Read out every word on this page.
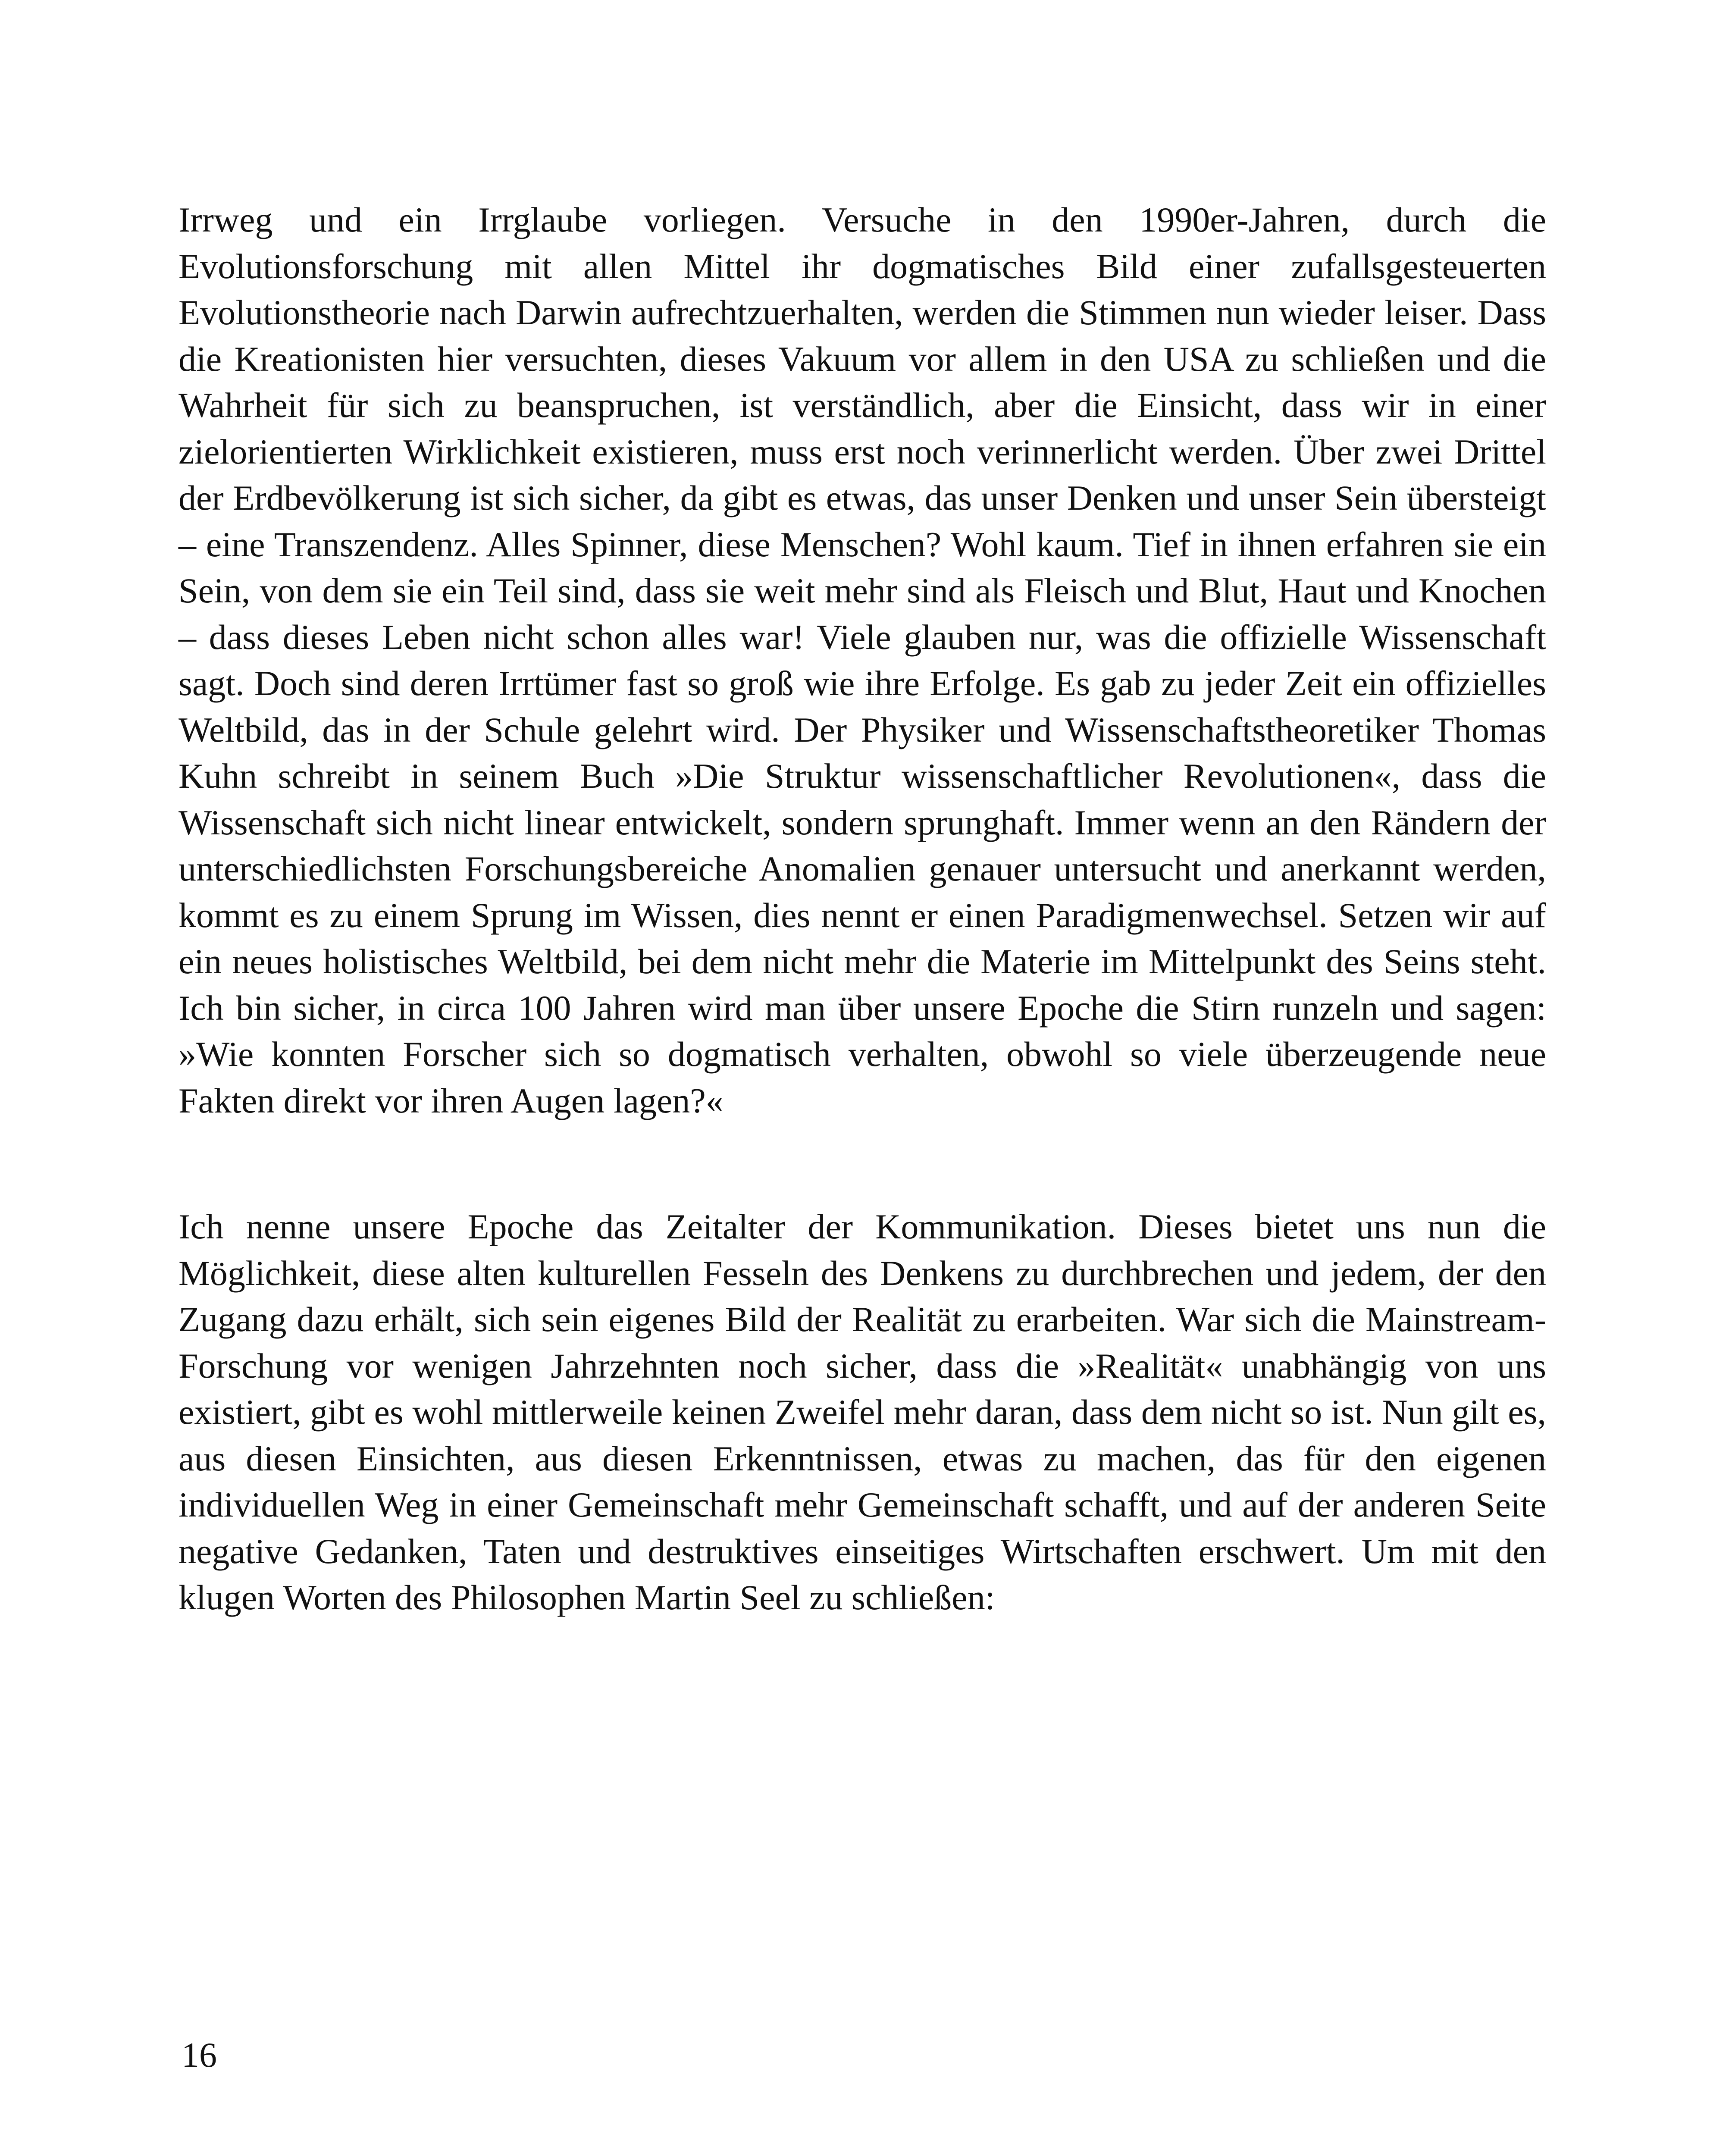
Irrweg und ein Irrglaube vorliegen. Versuche in den 1990er-Jahren, durch die Evolutionsforschung mit allen Mittel ihr dogmatisches Bild einer zufallsgesteuerten Evolutionstheorie nach Darwin aufrechtzuerhalten, werden die Stimmen nun wieder leiser. Dass die Kreationisten hier versuchten, dieses Vakuum vor allem in den USA zu schließen und die Wahrheit für sich zu beanspruchen, ist verständlich, aber die Einsicht, dass wir in einer zielorientierten Wirklichkeit existieren, muss erst noch verinnerlicht werden. Über zwei Drittel der Erdbevölkerung ist sich sicher, da gibt es etwas, das unser Denken und unser Sein übersteigt – eine Transzendenz. Alles Spinner, diese Menschen? Wohl kaum. Tief in ihnen erfahren sie ein Sein, von dem sie ein Teil sind, dass sie weit mehr sind als Fleisch und Blut, Haut und Knochen – dass dieses Leben nicht schon alles war! Viele glauben nur, was die offizielle Wissenschaft sagt. Doch sind deren Irrtümer fast so groß wie ihre Erfolge. Es gab zu jeder Zeit ein offizielles Weltbild, das in der Schule gelehrt wird. Der Physiker und Wissenschaftstheoretiker Thomas Kuhn schreibt in seinem Buch »Die Struktur wissenschaftlicher Revolutionen«, dass die Wissenschaft sich nicht linear entwickelt, sondern sprunghaft. Immer wenn an den Rändern der unterschiedlichsten Forschungsbereiche Anomalien genauer untersucht und anerkannt werden, kommt es zu einem Sprung im Wissen, dies nennt er einen Paradigmenwechsel. Setzen wir auf ein neues holistisches Weltbild, bei dem nicht mehr die Materie im Mittelpunkt des Seins steht. Ich bin sicher, in circa 100 Jahren wird man über unsere Epoche die Stirn runzeln und sagen: »Wie konnten Forscher sich so dogmatisch verhalten, obwohl so viele überzeugende neue Fakten direkt vor ihren Augen lagen?«

Ich nenne unsere Epoche das Zeitalter der Kommunikation. Dieses bietet uns nun die Möglichkeit, diese alten kulturellen Fesseln des Denkens zu durchbrechen und jedem, der den Zugang dazu erhält, sich sein eigenes Bild der Realität zu erarbeiten. War sich die Mainstream-Forschung vor wenigen Jahrzehnten noch sicher, dass die »Realität« unabhängig von uns existiert, gibt es wohl mittlerweile keinen Zweifel mehr daran, dass dem nicht so ist. Nun gilt es, aus diesen Einsichten, aus diesen Erkenntnissen, etwas zu machen, das für den eigenen individuellen Weg in einer Gemeinschaft mehr Gemeinschaft schafft, und auf der anderen Seite negative Gedanken, Taten und destruktives einseitiges Wirtschaften erschwert. Um mit den klugen Worten des Philosophen Martin Seel zu schließen:

16
